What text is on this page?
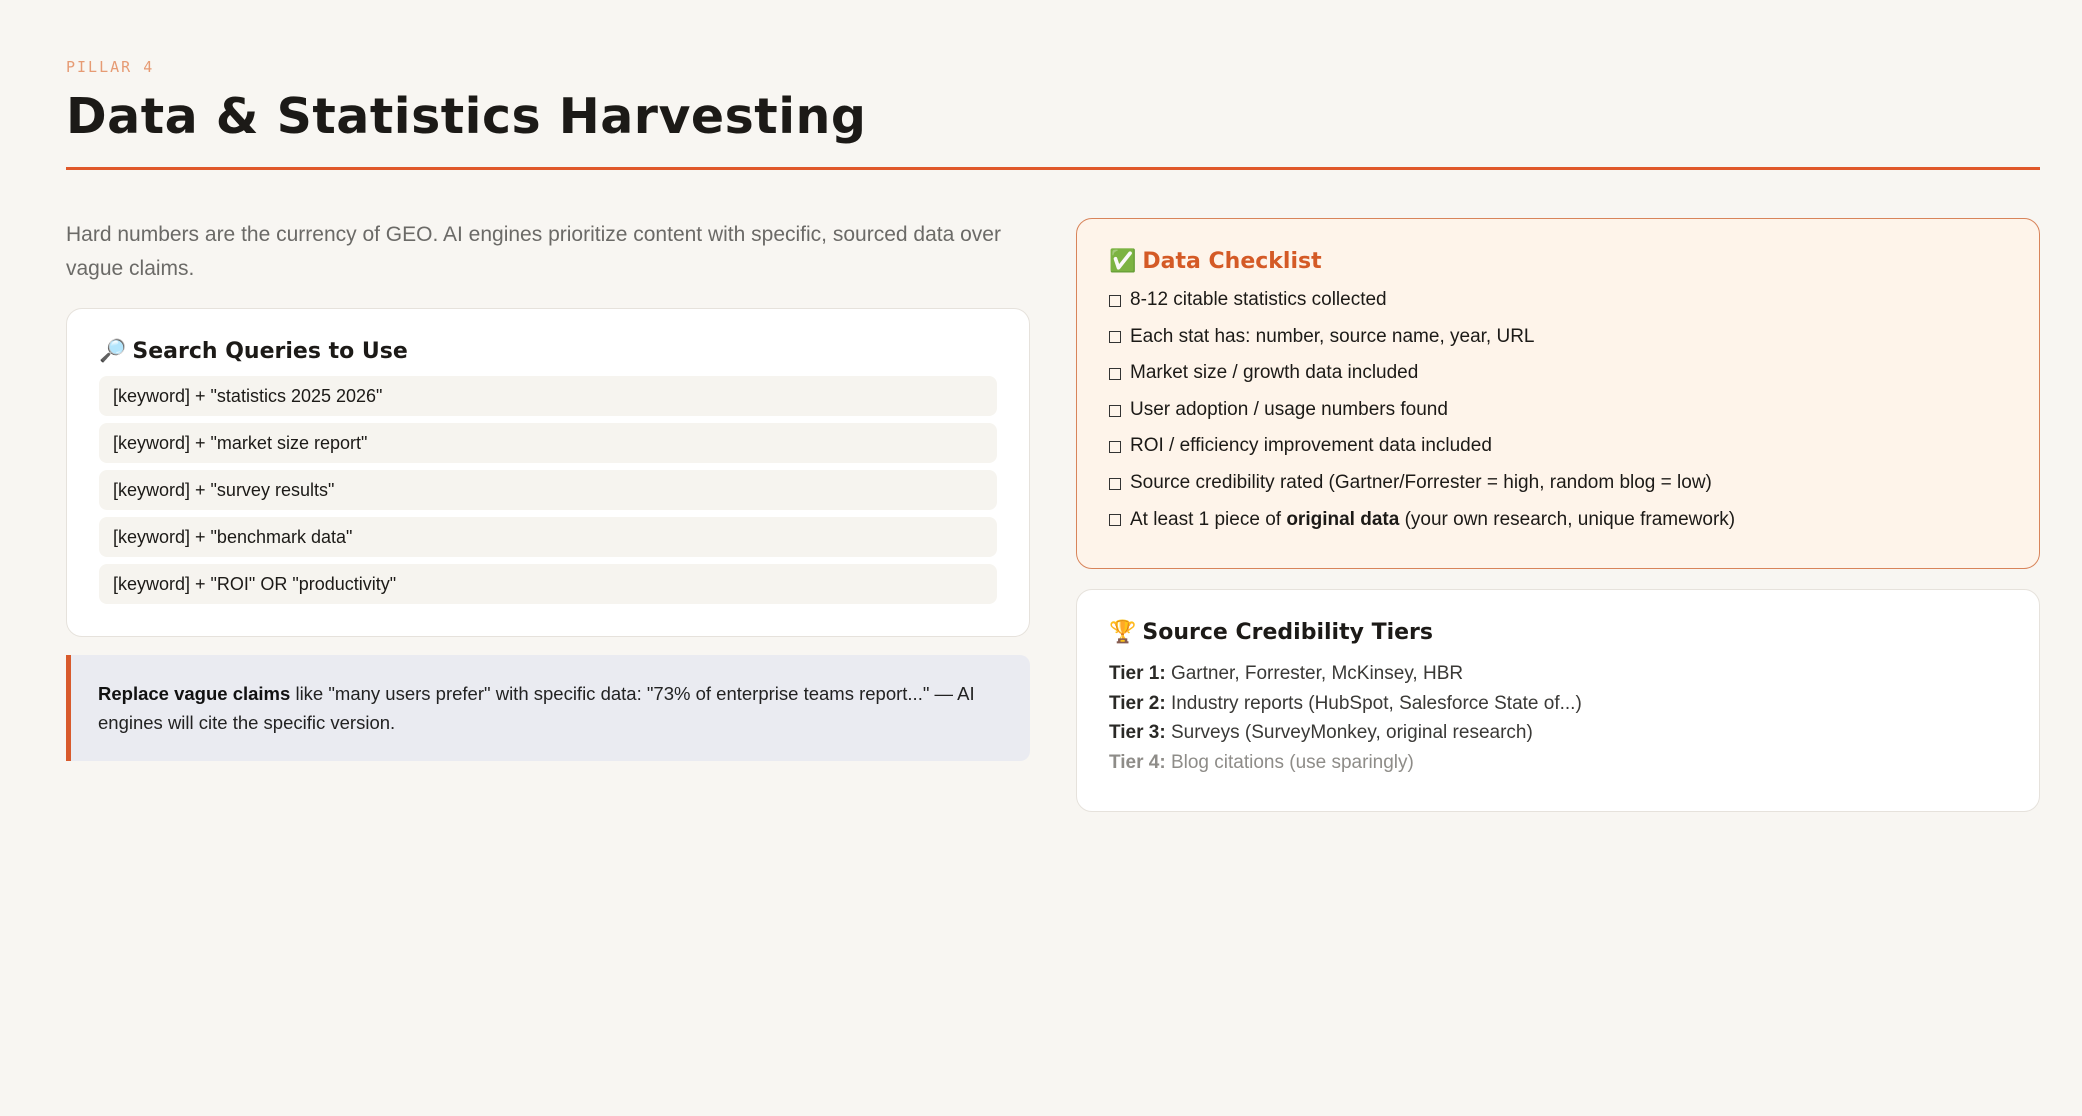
PILLAR 4
Data & Statistics Harvesting

Hard numbers are the currency of GEO. AI engines prioritize content with specific, sourced data over vague claims.

🔎 Search Queries to Use
[keyword] + "statistics 2025 2026"
[keyword] + "market size report"
[keyword] + "survey results"
[keyword] + "benchmark data"
[keyword] + "ROI" OR "productivity"
Replace vague claims like "many users prefer" with specific data: "73% of enterprise teams report..." — AI engines will cite the specific version.
✅ Data Checklist
8-12 citable statistics collected
Each stat has: number, source name, year, URL
Market size / growth data included
User adoption / usage numbers found
ROI / efficiency improvement data included
Source credibility rated (Gartner/Forrester = high, random blog = low)
At least 1 piece of original data (your own research, unique framework)
🏆 Source Credibility Tiers
Tier 1: Gartner, Forrester, McKinsey, HBR
Tier 2: Industry reports (HubSpot, Salesforce State of...)
Tier 3: Surveys (SurveyMonkey, original research)
Tier 4: Blog citations (use sparingly)
